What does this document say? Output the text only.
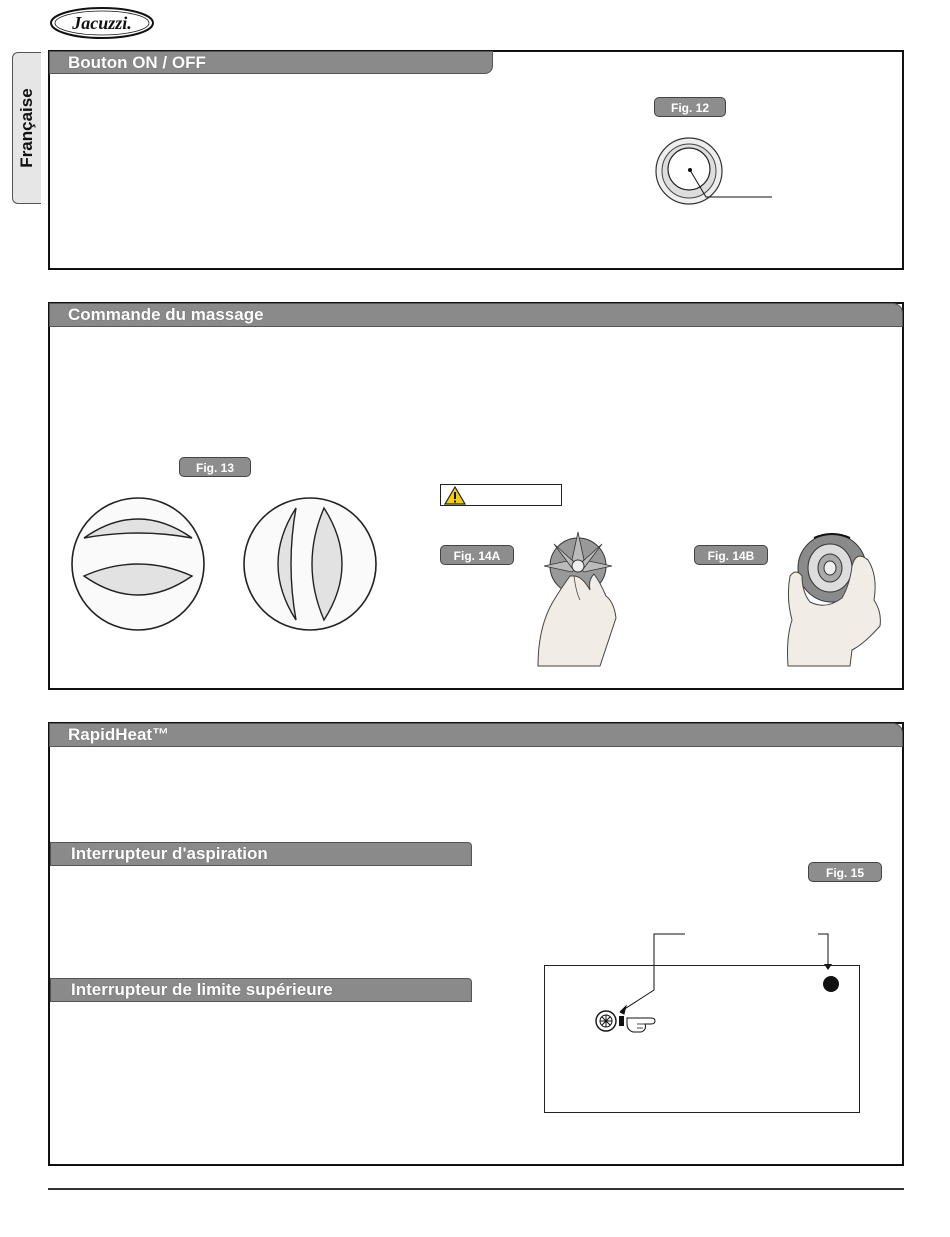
Jacuzzi.
Française
Bouton ON / OFF
Fig. 12
Commande du massage
Fig. 13
Fig. 14A	Fig. 14B
RapidHeat™
Interrupteur d'aspiration
Interrupteur de limite supérieure
Fig. 15
